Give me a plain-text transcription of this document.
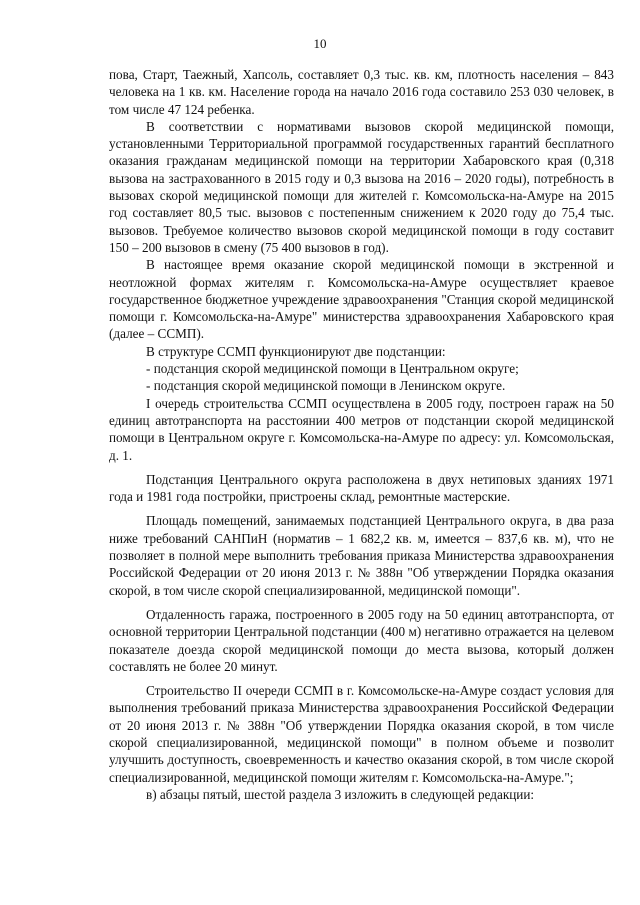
10

пова, Старт, Таежный, Хапсоль, составляет 0,3 тыс. кв. км, плотность населения – 843 человека на 1 кв. км. Население города на начало 2016 года составило 253 030 человек, в том числе 47 124 ребенка.

В соответствии с нормативами вызовов скорой медицинской помощи, установленными Территориальной программой государственных гарантий бесплатного оказания гражданам медицинской помощи на территории Хабаровского края (0,318 вызова на застрахованного в 2015 году и 0,3 вызова на 2016 – 2020 годы), потребность в вызовах скорой медицинской помощи для жителей г. Комсомольска-на-Амуре на 2015 год составляет 80,5 тыс. вызовов с постепенным снижением к 2020 году до 75,4 тыс. вызовов. Требуемое количество вызовов скорой медицинской помощи в году составит 150 – 200 вызовов в смену (75 400 вызовов в год).

В настоящее время оказание скорой медицинской помощи в экстренной и неотложной формах жителям г. Комсомольска-на-Амуре осуществляет краевое государственное бюджетное учреждение здравоохранения "Станция скорой медицинской помощи г. Комсомольска-на-Амуре" министерства здравоохранения Хабаровского края (далее – ССМП).

В структуре ССМП функционируют две подстанции:

- подстанция скорой медицинской помощи в Центральном округе;

- подстанция скорой медицинской помощи в Ленинском округе.

I очередь строительства ССМП осуществлена в 2005 году, построен гараж на 50 единиц автотранспорта на расстоянии 400 метров от подстанции скорой медицинской помощи в Центральном округе г. Комсомольска-на-Амуре по адресу: ул. Комсомольская, д. 1.

Подстанция Центрального округа расположена в двух нетиповых зданиях 1971 года и 1981 года постройки, пристроены склад, ремонтные мастерские.

Площадь помещений, занимаемых подстанцией Центрального округа, в два раза ниже требований САНПиН (норматив – 1 682,2 кв. м, имеется – 837,6 кв. м), что не позволяет в полной мере выполнить требования приказа Министерства здравоохранения Российской Федерации от 20 июня 2013 г. № 388н "Об утверждении Порядка оказания скорой, в том числе скорой специализированной, медицинской помощи".

Отдаленность гаража, построенного в 2005 году на 50 единиц автотранспорта, от основной территории Центральной подстанции (400 м) негативно отражается на целевом показателе доезда скорой медицинской помощи до места вызова, который должен составлять не более 20 минут.

Строительство II очереди ССМП в г. Комсомольске-на-Амуре создаст условия для выполнения требований приказа Министерства здравоохранения Российской Федерации от 20 июня 2013 г. № 388н "Об утверждении Порядка оказания скорой, в том числе скорой специализированной, медицинской помощи" в полном объеме и позволит улучшить доступность, своевременность и качество оказания скорой, в том числе скорой специализированной, медицинской помощи жителям г. Комсомольска-на-Амуре.";

в) абзацы пятый, шестой раздела 3 изложить в следующей редакции:
